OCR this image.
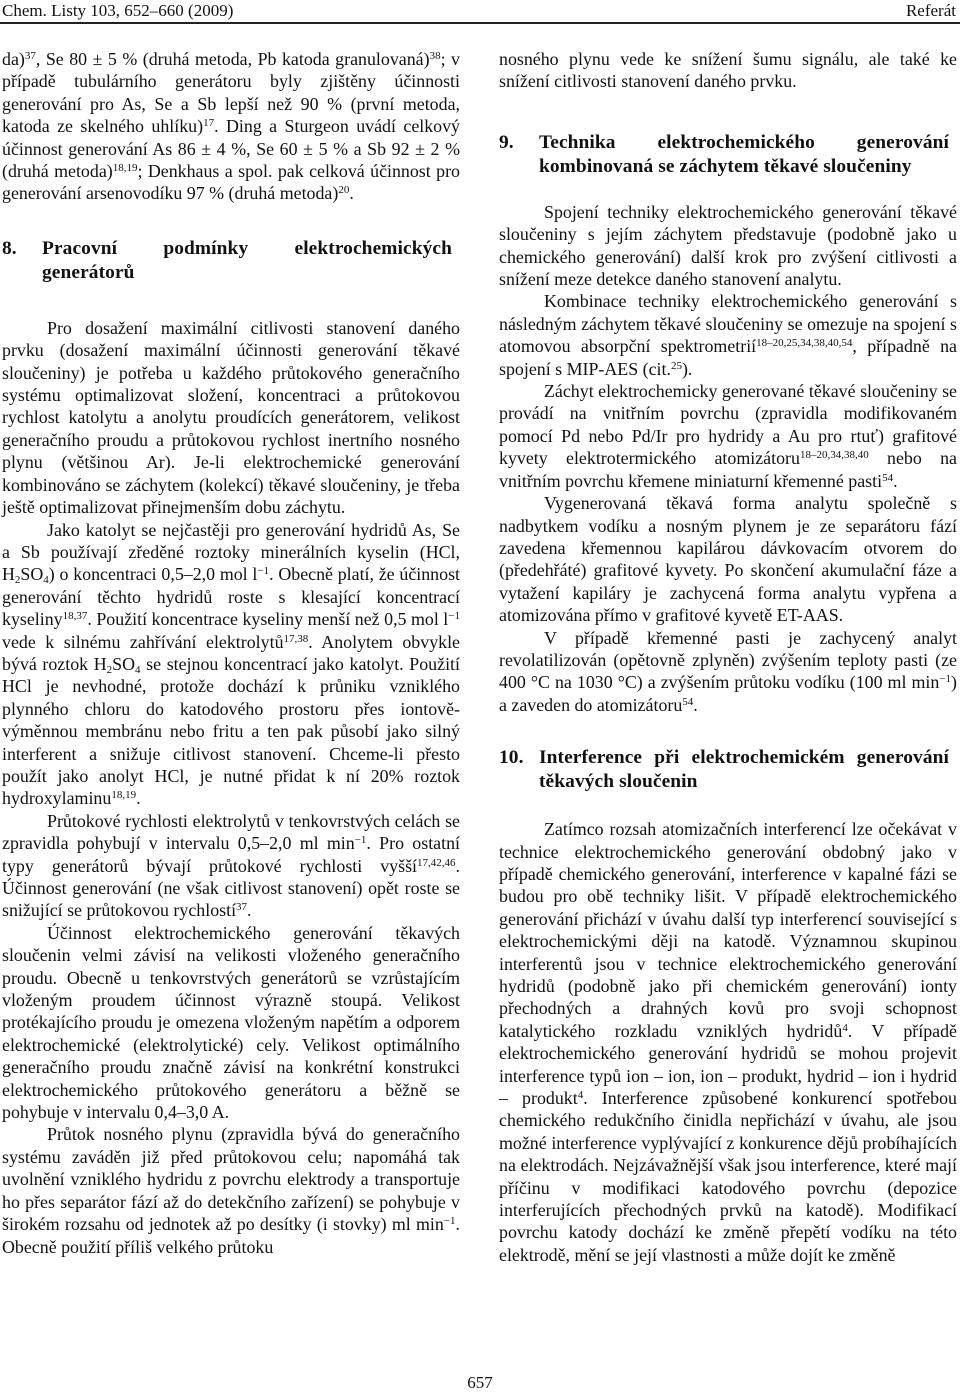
Chem. Listy 103, 652–660 (2009)	Referát

da)$^{37}$, Se 80 ± 5 % (druhá metoda, Pb katoda granulovaná)$^{38}$; v případě tubulárního generátoru byly zjištěny účinnosti generování pro As, Se a Sb lepší než 90 % (první metoda, katoda ze skelného uhlíku)$^{17}$. Ding a Sturgeon uvádí celkový účinnost generování As 86 ± 4 %, Se 60 ± 5 % a Sb 92 ± 2 % (druhá metoda)$^{18,19}$; Denkhaus a spol. pak celková účinnost pro generování arsenovodíku 97 % (druhá metoda)$^{20}$.

8. Pracovní podmínky elektrochemických generátorů

Pro dosažení maximální citlivosti stanovení daného prvku (dosažení maximální účinnosti generování těkavé sloučeniny) je potřeba u každého průtokového generačního systému optimalizovat složení, koncentraci a průtokovou rychlost katolytu a anolytu proudících generátorem, velikost generačního proudu a průtokovou rychlost inertního nosného plynu (většinou Ar). Je-li elektrochemické generování kombinováno se záchytem (kolekcí) těkavé sloučeniny, je třeba ještě optimalizovat přinejmenším dobu záchytu.

Jako katolyt se nejčastěji pro generování hydridů As, Se a Sb používají zředěné roztoky minerálních kyselin (HCl, $H_2SO_4$) o koncentraci 0,5–2,0 mol $l^{-1}$. Obecně platí, že účinnost generování těchto hydridů roste s klesající koncentrací kyseliny$^{18,37}$. Použití koncentrace kyseliny menší než 0,5 mol $l^{-1}$ vede k silnému zahřívání elektrolytů$^{17,38}$. Anolytem obvykle bývá roztok $H_2SO_4$ se stejnou koncentrací jako katolyt. Použití HCl je nevhodné, protože dochází k průniku vzniklého plynného chloru do katodového prostoru přes iontově-výměnnou membránu nebo fritu a ten pak působí jako silný interferent a snižuje citlivost stanovení. Chceme-li přesto použít jako anolyt HCl, je nutné přidat k ní 20% roztok hydroxylaminu$^{18,19}$.

Průtokové rychlosti elektrolytů v tenkovrstvých celách se zpravidla pohybují v intervalu 0,5–2,0 ml $\min^{-1}$. Pro ostatní typy generátorů bývají průtokové rychlosti vyšší$^{17,42,46}$. Účinnost generování (ne však citlivost stanovení) opět roste se snižující se průtokovou rychlostí$^{37}$.

Účinnost elektrochemického generování těkavých sloučenin velmi závisí na velikosti vloženého generačního proudu. Obecně u tenkovrstvých generátorů se vzrůstajícím vloženým proudem účinnost výrazně stoupá. Velikost protékajícího proudu je omezena vloženým napětím a odporem elektrochemické (elektrolytické) cely. Velikost optimálního generačního proudu značně závisí na konkrétní konstrukci elektrochemického průtokového generátoru a běžně se pohybuje v intervalu 0,4–3,0 A.

Průtok nosného plynu (zpravidla bývá do generačního systému zaváděn již před průtokovou celu; napomáhá tak uvolnění vzniklého hydridu z povrchu elektrody a transportuje ho přes separátor fází až do detekčního zařízení) se pohybuje v širokém rozsahu od jednotek až po desítky (i stovky) ml $\min^{-1}$. Obecně použití příliš velkého průtoku

nosného plynu vede ke snížení šumu signálu, ale také ke snížení citlivosti stanovení daného prvku.

9. Technika elektrochemického generování kombinovaná se záchytem těkavé sloučeniny

Spojení techniky elektrochemického generování těkavé sloučeniny s jejím záchytem představuje (podobně jako u chemického generování) další krok pro zvýšení citlivosti a snížení meze detekce daného stanovení analytu.

Kombinace techniky elektrochemického generování s následným záchytem těkavé sloučeniny se omezuje na spojení s atomovou absorpční spektrometrií$^{18-20,25,34,38,40,54}$, případně na spojení s MIP-AES (cit.$^{25}$).

Záchyt elektrochemicky generované těkavé sloučeniny se provádí na vnitřním povrchu (zpravidla modifikovaném pomocí Pd nebo Pd/Ir pro hydridy a Au pro rtuť) grafitové kyvety elektrotermického atomizátoru$^{18-20,34,38,40}$ nebo na vnitřním povrchu křemene miniaturní křemenné pasti$^{54}$.

Vygenerovaná těkavá forma analytu společně s nadbytkem vodíku a nosným plynem je ze separátoru fází zavedena křemennou kapilárou dávkovacím otvorem do (předehřáté) grafitové kyvety. Po skončení akumulační fáze a vytažení kapiláry je zachycená forma analytu vypřena a atomizována přímo v grafitové kyvetě ET-AAS.

V případě křemenné pasti je zachycený analyt revolatilizován (opětovně zplyněn) zvýšením teploty pasti (ze 400 °C na 1030 °C) a zvýšením průtoku vodíku (100 ml $\min^{-1}$) a zaveden do atomizátoru$^{54}$.

10. Interference při elektrochemickém generování těkavých sloučenin

Zatímco rozsah atomizačních interferencí lze očekávat v technice elektrochemického generování obdobný jako v případě chemického generování, interference v kapalné fázi se budou pro obě techniky lišit. V případě elektrochemického generování přichází v úvahu další typ interferencí související s elektrochemickými ději na katodě. Významnou skupinou interferentů jsou v technice elektrochemického generování hydridů (podobně jako při chemickém generování) ionty přechodných a drahných kovů pro svoji schopnost katalytického rozkladu vzniklých hydridů$^4$. V případě elektrochemického generování hydridů se mohou projevit interference typů ion – ion, ion – produkt, hydrid – ion i hydrid – produkt$^4$. Interference způsobené konkurencí spotřebou chemického redukčního činidla nepřichází v úvahu, ale jsou možné interference vyplývající z konkurence dějů probíhajících na elektrodách. Nejzávažnější však jsou interference, které mají příčinu v modifikaci katodového povrchu (depozice interferujících přechodných prvků na katodě). Modifikací povrchu katody dochází ke změně přepětí vodíku na této elektrodě, mění se její vlastnosti a může dojít ke změně

657
